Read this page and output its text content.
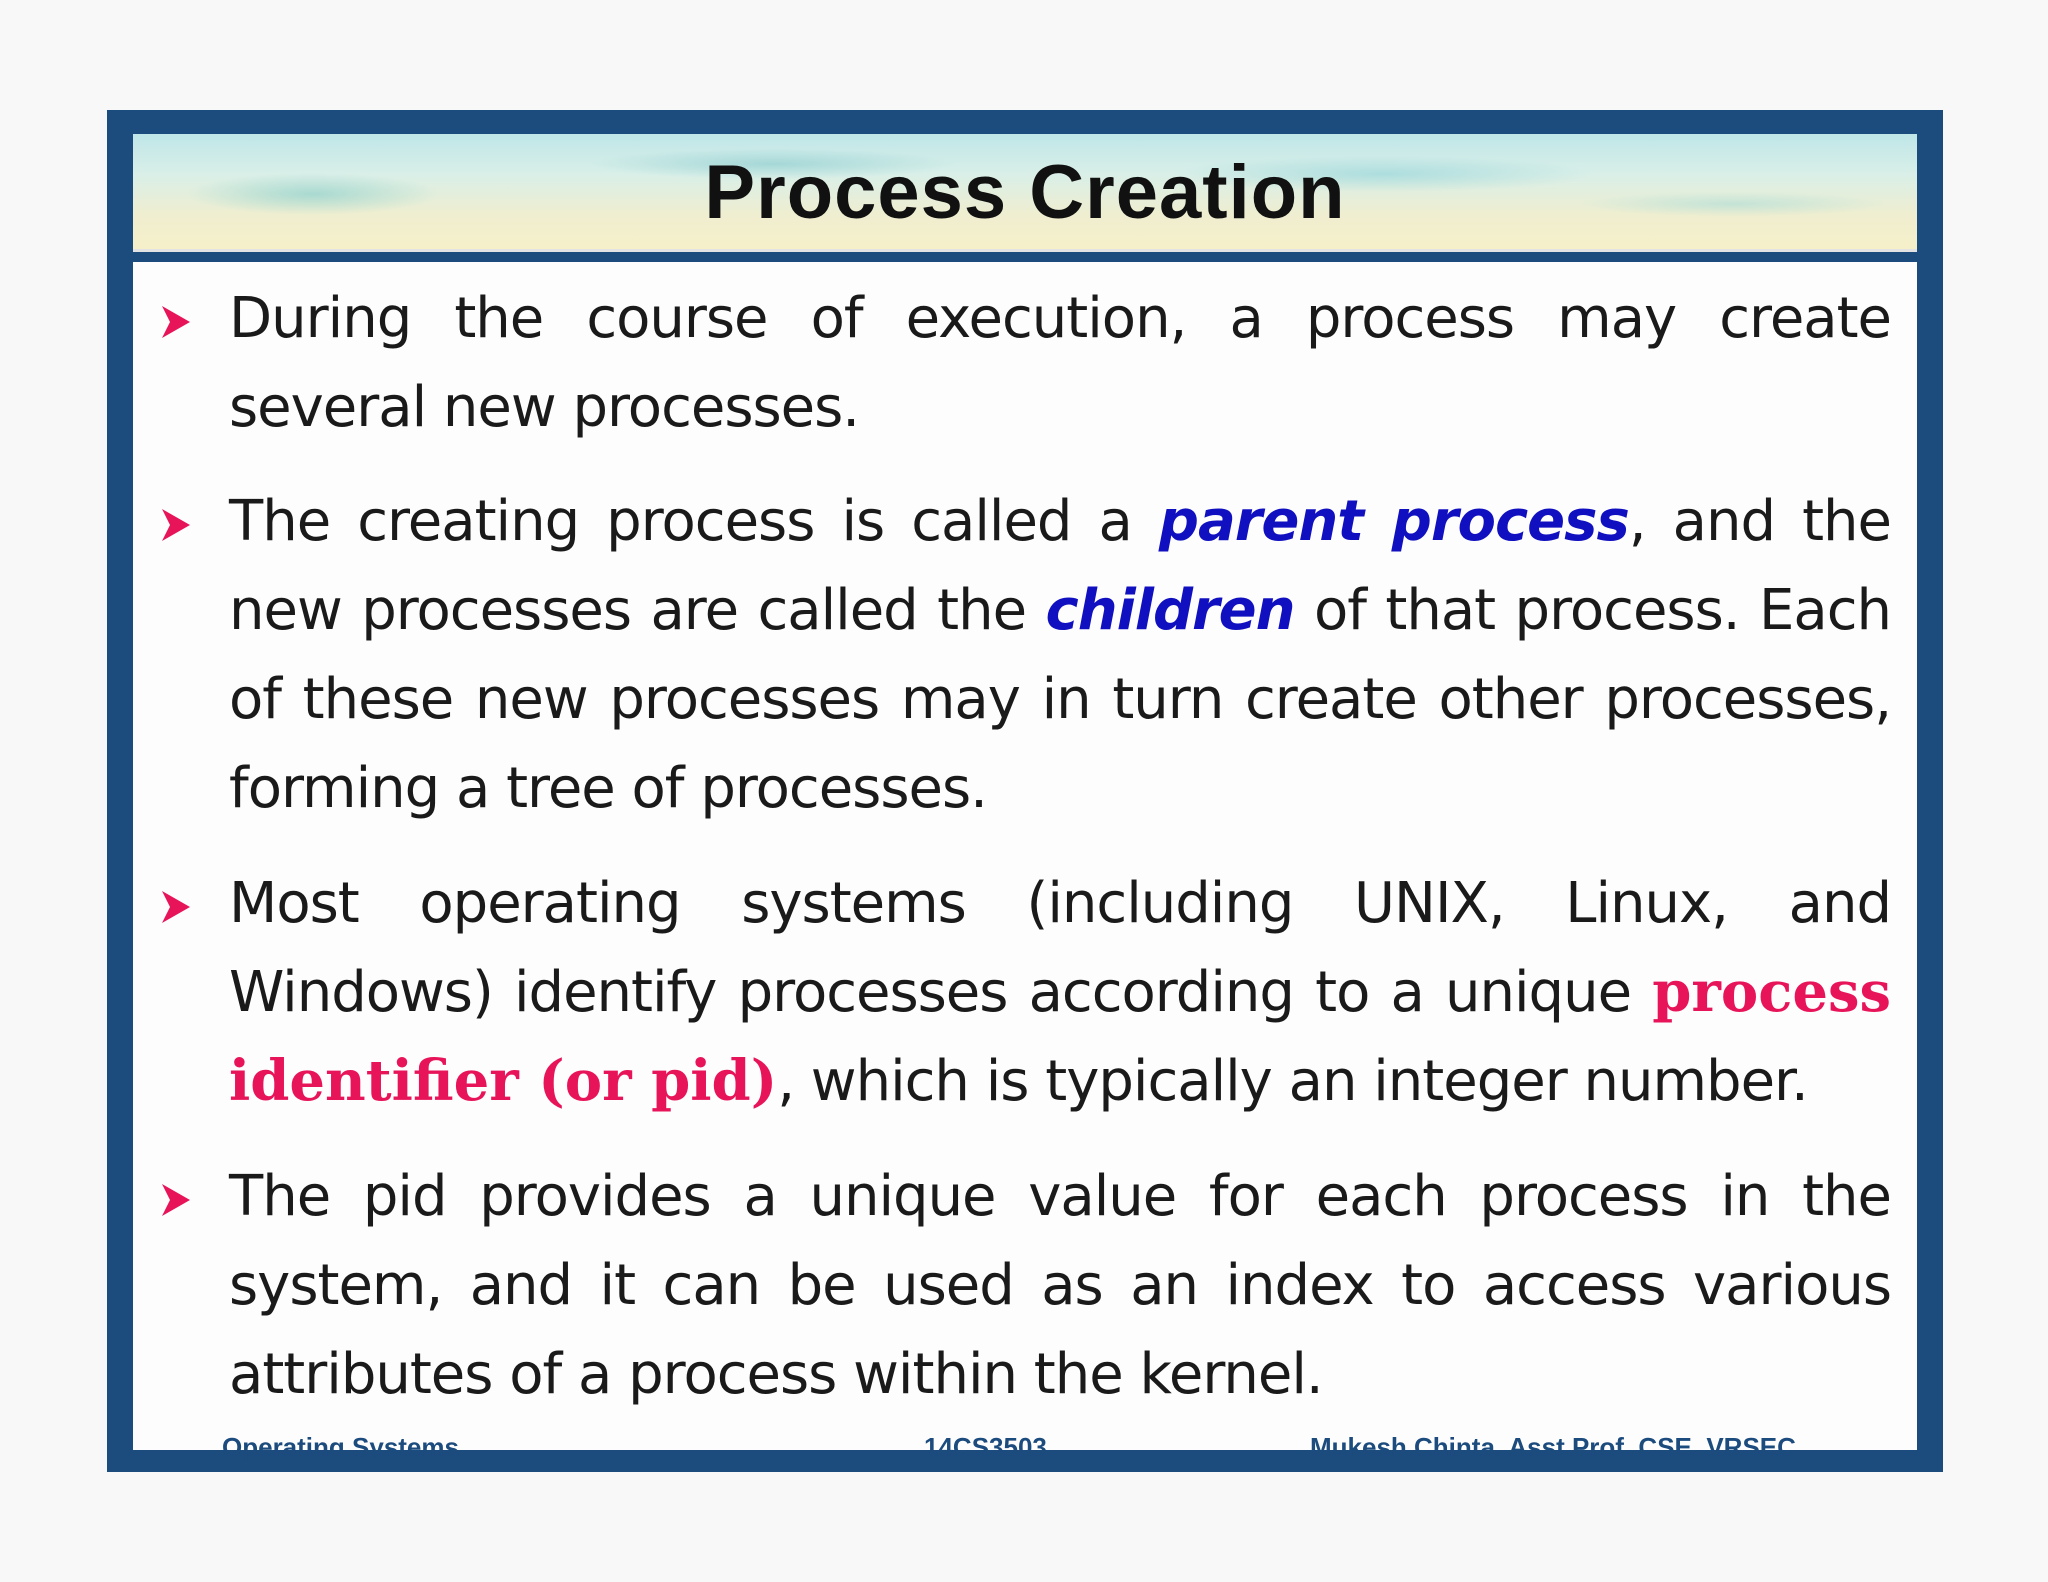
Process Creation
During the course of execution, a process may create several new processes.
The creating process is called a parent process, and the new processes are called the children of that process. Each of these new processes may in turn create other processes, forming a tree of processes.
Most operating systems (including UNIX, Linux, and Windows) identify processes according to a unique process identifier (or pid), which is typically an integer number.
The pid provides a unique value for each process in the system, and it can be used as an index to access various attributes of a process within the kernel.
Operating Systems	14CS3503	Mukesh Chinta, Asst Prof, CSE, VRSEC
